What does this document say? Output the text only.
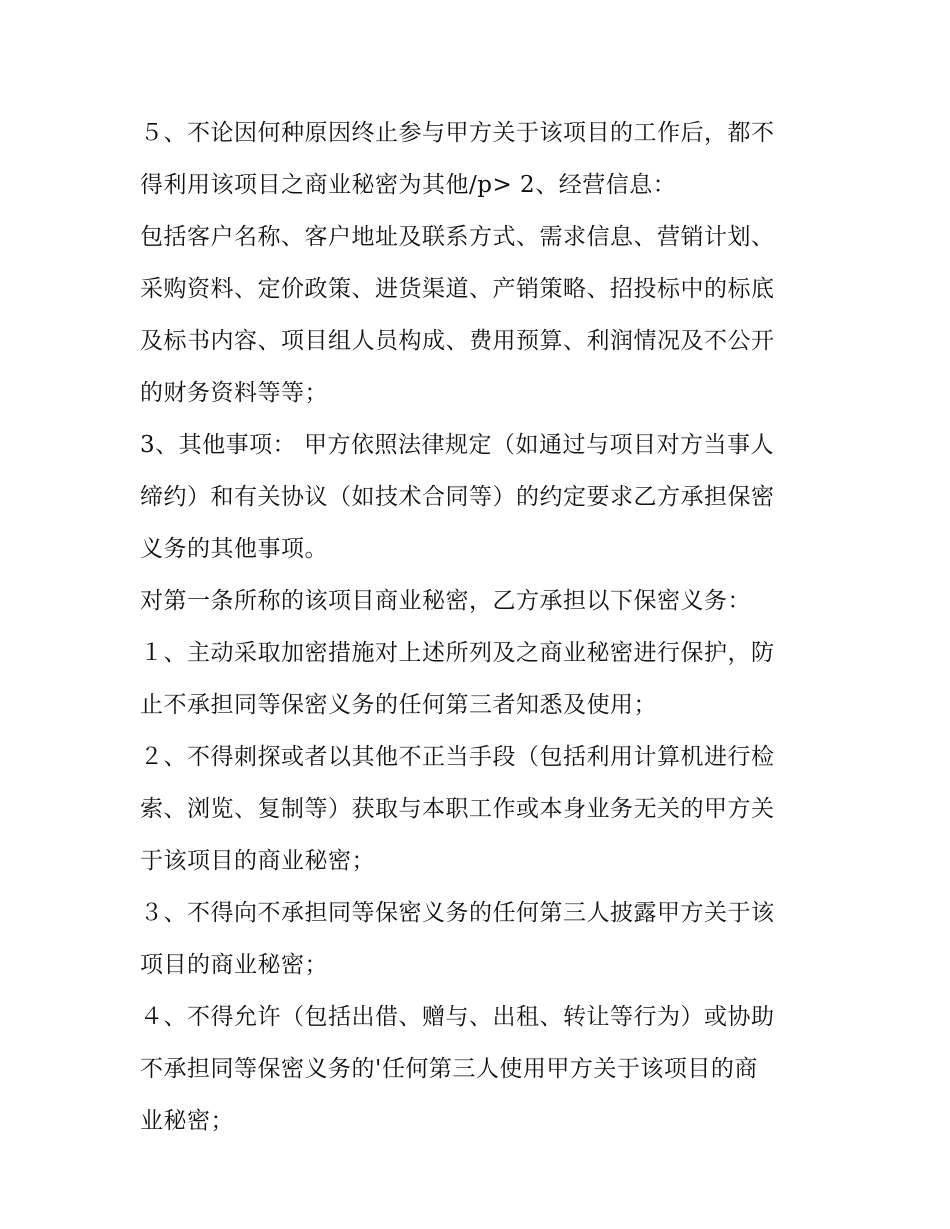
５、不论因何种原因终止参与甲方关于该项目的工作后，都不
得利用该项目之商业秘密为其他/p> 2、经营信息：
包括客户名称、客户地址及联系方式、需求信息、营销计划、
采购资料、定价政策、进货渠道、产销策略、招投标中的标底
及标书内容、项目组人员构成、费用预算、利润情况及不公开
的财务资料等等；
3、其他事项： 甲方依照法律规定（如通过与项目对方当事人
缔约）和有关协议（如技术合同等）的约定要求乙方承担保密
义务的其他事项。
对第一条所称的该项目商业秘密，乙方承担以下保密义务：
１、主动采取加密措施对上述所列及之商业秘密进行保护，防
止不承担同等保密义务的任何第三者知悉及使用；
２、不得刺探或者以其他不正当手段（包括利用计算机进行检
索、浏览、复制等）获取与本职工作或本身业务无关的甲方关
于该项目的商业秘密；
３、不得向不承担同等保密义务的任何第三人披露甲方关于该
项目的商业秘密；
４、不得允许（包括出借、赠与、出租、转让等行为）或协助
不承担同等保密义务的'任何第三人使用甲方关于该项目的商
业秘密；
